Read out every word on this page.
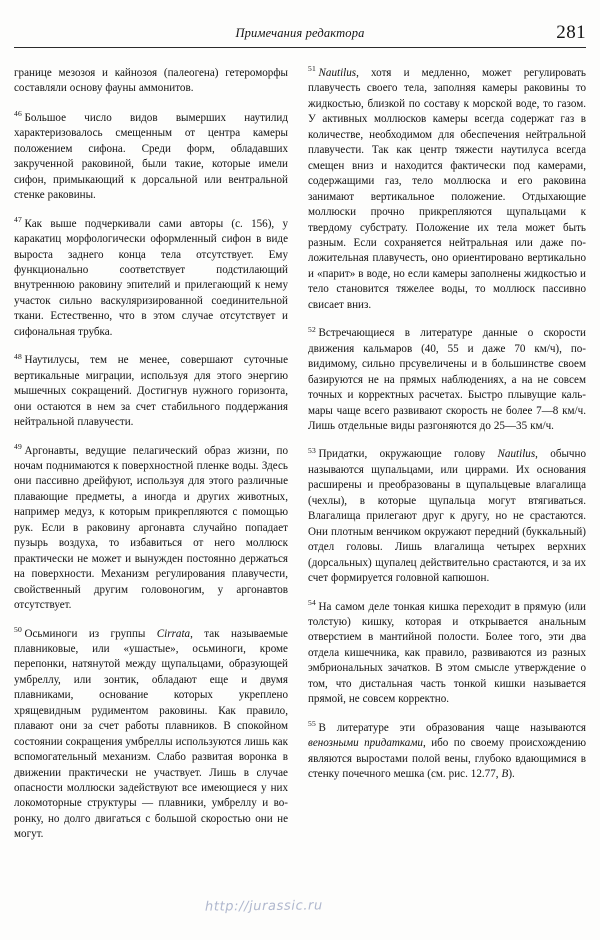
Примечания редактора	281

границе мезозоя и кайнозоя (палеогена) гетероморфы составляли основу фауны аммонитов.

$^{46}$ Большое число видов вымерших наутилид характеризовалось смещенным от центра камеры положением сифона. Среди форм, обладавших закрученной раковиной, были такие, которые имели сифон, примыкающий к дорсальной или вентральной стенке раковины.

$^{47}$ Как выше подчеркивали сами авторы (с. 156), у каракатиц морфологически оформленный сифон в виде выроста заднего конца тела отсутствует. Ему функционально соответствует подстилающий внутреннюю раковину эпителий и прилегающий к нему участок сильно васкуляризированной соединительной ткани. Естественно, что в этом случае отсутствует и сифональная трубка.

$^{48}$ Наутилусы, тем не менее, совершают суточные вертикальные миграции, используя для этого энергию мышечных сокращений. Достигнув нужного горизонта, они остаются в нем за счет стабильного поддержания нейтральной плавучести.

$^{49}$ Аргонавты, ведущие пелагический образ жизни, по ночам поднимаются к поверхностной пленке воды. Здесь они пассивно дрейфуют, используя для этого различные плавающие предметы, а иногда и других животных, например медуз, к которым прикрепляются с помощью рук. Если в раковину аргонавта случайно попадает пузырь воздуха, то избавиться от него моллюск практически не может и вынужден постоянно держаться на поверхности. Механизм регулирования плавучести, свойственный другим головоногим, у аргонавтов отсутствует.

$^{50}$ Осьминоги из группы Cirrata, так называемые плавниковые, или «ушастые», осьминоги, кроме перепонки, натянутой между щупальцами, образующей умбреллу, или зонтик, обладают еще и двумя плавниками, основание которых укреплено хрящевидным рудиментом раковины. Как правило, плавают они за счет работы плавников. В спокойном состоянии сокращения умбреллы используются лишь как вспомогательный механизм. Слабо развитая воронка в движении практически не участвует. Лишь в случае опасности моллюски задействуют все имеющиеся у них локомоторные структуры — плавники, умбреллу и воронку, но долго двигаться с большой скоростью они не могут.

$^{51}$ Nautilus, хотя и медленно, может регулировать плавучесть своего тела, заполняя камеры раковины то жидкостью, близкой по составу к морской воде, то газом. У активных моллюсков камеры всегда содержат газ в количестве, необходимом для обеспечения нейтральной плавучести. Так как центр тяжести наутилуса всегда смещен вниз и находится фактически под камерами, содержащими газ, тело моллюска и его раковина занимают вертикальное положение. Отдыхающие моллюски прочно прикрепляются щупальцами к твердому субстрату. Положение их тела может быть разным. Если сохраняется нейтральная или даже положительная плавучесть, оно ориентировано вертикально и «парит» в воде, но если камеры заполнены жидкостью и тело становится тяжелее воды, то моллюск пассивно свисает вниз.

$^{52}$ Встречающиеся в литературе данные о скорости движения кальмаров (40, 55 и даже 70 км/ч), по-видимому, сильно прсувеличены и в большинстве своем базируются не на прямых наблюдениях, а на не совсем точных и корректных расчетах. Быстро плывущие кальмары чаще всего развивают скорость не более 7—8 км/ч. Лишь отдельные виды разгоняются до 25—35 км/ч.

$^{53}$ Придатки, окружающие голову Nautilus, обычно называются щупальцами, или циррами. Их основания расширены и преобразованы в щупальцевые влагалища (чехлы), в которые щупальца могут втягиваться. Влагалища прилегают друг к другу, но не срастаются. Они плотным венчиком окружают передний (буккальный) отдел головы. Лишь влагалища четырех верхних (дорсальных) щупалец действительно срастаются, и за их счет формируется головной капюшон.

$^{54}$ На самом деле тонкая кишка переходит в прямую (или толстую) кишку, которая и открывается анальным отверстием в мантийной полости. Более того, эти два отдела кишечника, как правило, развиваются из разных эмбриональных зачатков. В этом смысле утверждение о том, что дистальная часть тонкой кишки называется прямой, не совсем корректно.

$^{55}$ В литературе эти образования чаще называются венозными придатками, ибо по своему происхождению являются выростами полой вены, глубоко вдающимися в стенку почечного мешка (см. рис. 12.77, В).

http://jurassic.ru
